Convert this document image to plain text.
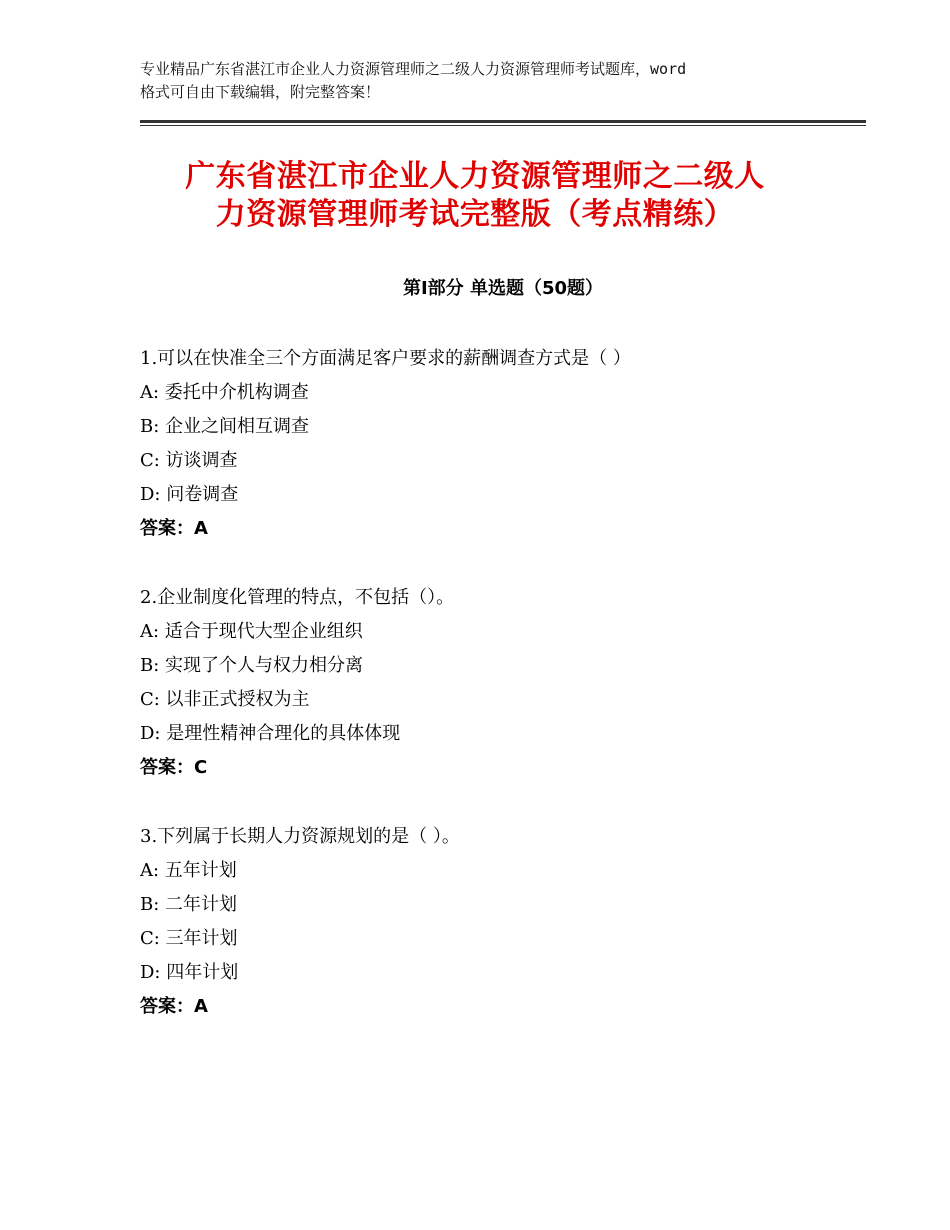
专业精品广东省湛江市企业人力资源管理师之二级人力资源管理师考试题库，word
格式可自由下载编辑，附完整答案！
广东省湛江市企业人力资源管理师之二级人
力资源管理师考试完整版（考点精练）
第Ⅰ部分 单选题（50题）
1.可以在快准全三个方面满足客户要求的薪酬调查方式是（ ）
A: 委托中介机构调查
B: 企业之间相互调查
C: 访谈调查
D: 问卷调查
答案：A
2.企业制度化管理的特点，不包括（）。
A: 适合于现代大型企业组织
B: 实现了个人与权力相分离
C: 以非正式授权为主
D: 是理性精神合理化的具体体现
答案：C
3.下列属于长期人力资源规划的是（ ）。
A: 五年计划
B: 二年计划
C: 三年计划
D: 四年计划
答案：A
